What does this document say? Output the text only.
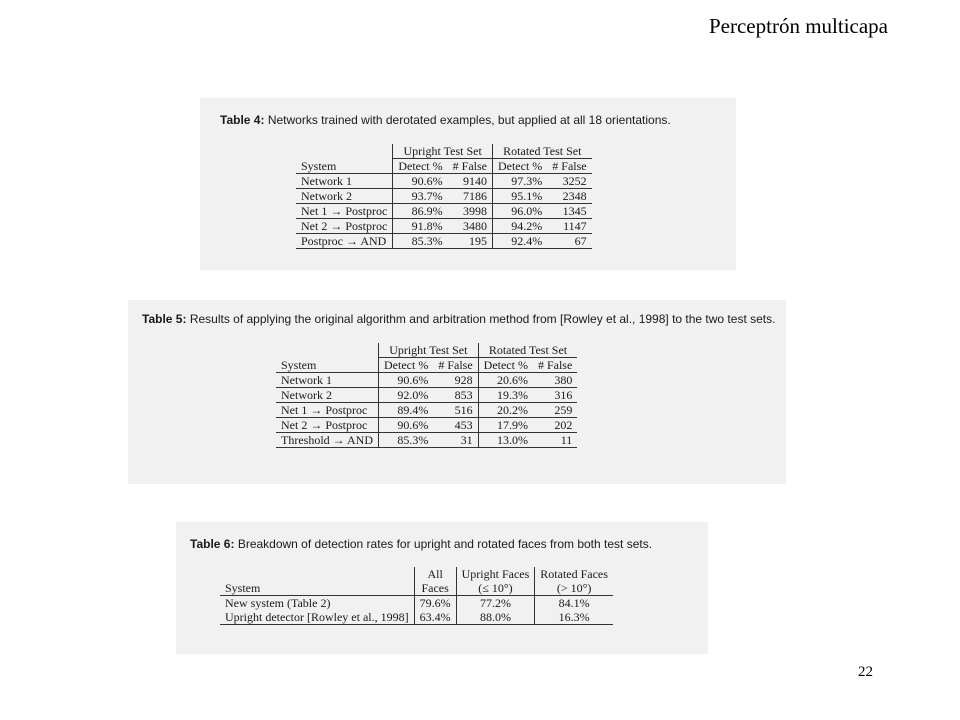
Perceptrón multicapa
Table 4: Networks trained with derotated examples, but applied at all 18 orientations.
	Upright Test Set		Rotated Test Set	
System	Detect %	# False	Detect %	# False
Network 1	90.6%	9140	97.3%	3252
Network 2	93.7%	7186	95.1%	2348
Net 1 → Postproc	86.9%	3998	96.0%	1345
Net 2 → Postproc	91.8%	3480	94.2%	1147
Postproc → AND	85.3%	195	92.4%	67
Table 5: Results of applying the original algorithm and arbitration method from [Rowley et al., 1998] to the two test sets.
	Upright Test Set		Rotated Test Set	
System	Detect %	# False	Detect %	# False
Network 1	90.6%	928	20.6%	380
Network 2	92.0%	853	19.3%	316
Net 1 → Postproc	89.4%	516	20.2%	259
Net 2 → Postproc	90.6%	453	17.9%	202
Threshold → AND	85.3%	31	13.0%	11
Table 6: Breakdown of detection rates for upright and rotated faces from both test sets.
	All	Upright Faces	Rotated Faces
System	Faces	(≤ 10°)	(> 10°)
New system (Table 2)	79.6%	77.2%	84.1%
Upright detector [Rowley et al., 1998]	63.4%	88.0%	16.3%
22
